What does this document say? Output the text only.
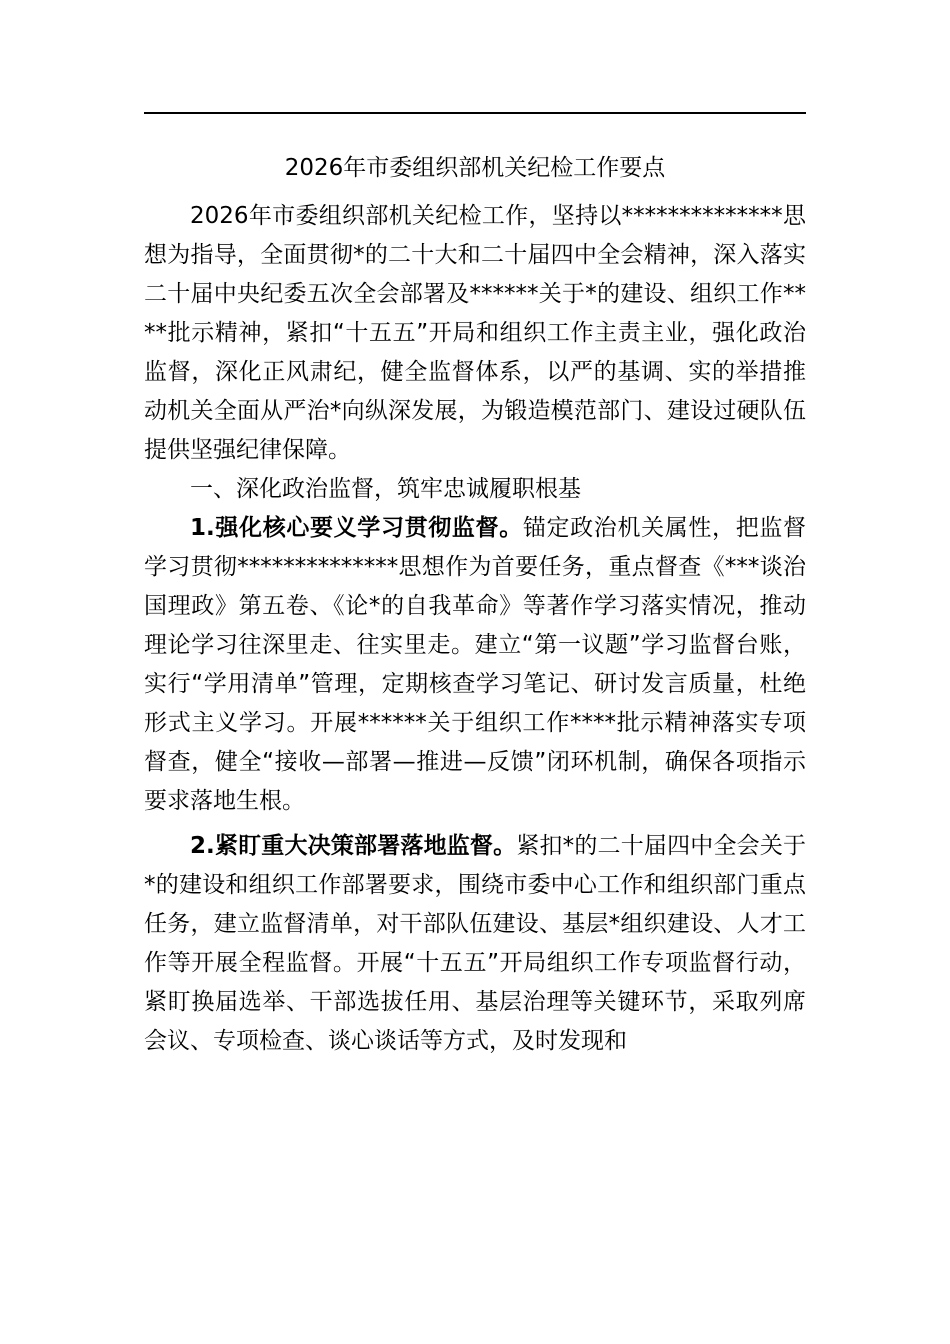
2026年市委组织部机关纪检工作要点

2026年市委组织部机关纪检工作，坚持以**************思想为指导，全面贯彻*的二十大和二十届四中全会精神，深入落实二十届中央纪委五次全会部署及******关于*的建设、组织工作****批示精神，紧扣“十五五”开局和组织工作主责主业，强化政治监督，深化正风肃纪，健全监督体系，以严的基调、实的举措推动机关全面从严治*向纵深发展，为锻造模范部门、建设过硬队伍提供坚强纪律保障。

一、深化政治监督，筑牢忠诚履职根基

1.强化核心要义学习贯彻监督。锚定政治机关属性，把监督学习贯彻**************思想作为首要任务，重点督查《***谈治国理政》第五卷、《论*的自我革命》等著作学习落实情况，推动理论学习往深里走、往实里走。建立“第一议题”学习监督台账，实行“学用清单”管理，定期核查学习笔记、研讨发言质量，杜绝形式主义学习。开展******关于组织工作****批示精神落实专项督查，健全“接收—部署—推进—反馈”闭环机制，确保各项指示要求落地生根。

2.紧盯重大决策部署落地监督。紧扣*的二十届四中全会关于*的建设和组织工作部署要求，围绕市委中心工作和组织部门重点任务，建立监督清单，对干部队伍建设、基层*组织建设、人才工作等开展全程监督。开展“十五五”开局组织工作专项监督行动，紧盯换届选举、干部选拔任用、基层治理等关键环节，采取列席会议、专项检查、谈心谈话等方式，及时发现和
